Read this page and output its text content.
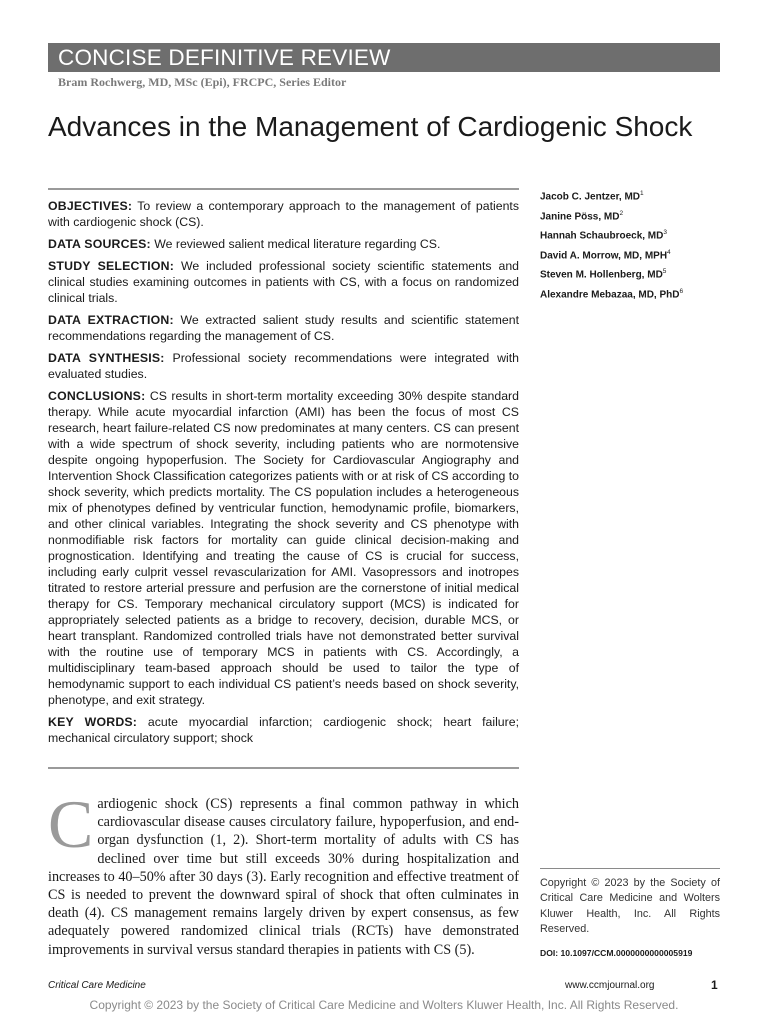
CONCISE DEFINITIVE REVIEW
Bram Rochwerg, MD, MSc (Epi), FRCPC, Series Editor
Advances in the Management of Cardiogenic Shock

OBJECTIVES: To review a contemporary approach to the management of patients with cardiogenic shock (CS).

DATA SOURCES: We reviewed salient medical literature regarding CS.

STUDY SELECTION: We included professional society scientific statements and clinical studies examining outcomes in patients with CS, with a focus on randomized clinical trials.

DATA EXTRACTION: We extracted salient study results and scientific statement recommendations regarding the management of CS.

DATA SYNTHESIS: Professional society recommendations were integrated with evaluated studies.

CONCLUSIONS: CS results in short-term mortality exceeding 30% despite standard therapy. While acute myocardial infarction (AMI) has been the focus of most CS research, heart failure-related CS now predominates at many centers. CS can present with a wide spectrum of shock severity, including patients who are normotensive despite ongoing hypoperfusion. The Society for Cardiovascular Angiography and Intervention Shock Classification categorizes patients with or at risk of CS according to shock severity, which predicts mortality. The CS population includes a heterogeneous mix of phenotypes defined by ventricular function, hemodynamic profile, biomarkers, and other clinical variables. Integrating the shock severity and CS phenotype with nonmodifiable risk factors for mortality can guide clinical decision-making and prognostication. Identifying and treating the cause of CS is crucial for success, including early culprit vessel revascularization for AMI. Vasopressors and inotropes titrated to restore arterial pressure and perfusion are the cornerstone of initial medical therapy for CS. Temporary mechanical circulatory support (MCS) is indicated for appropriately selected patients as a bridge to recovery, decision, durable MCS, or heart transplant. Randomized controlled trials have not demonstrated better survival with the routine use of temporary MCS in patients with CS. Accordingly, a multidisciplinary team-based approach should be used to tailor the type of hemodynamic support to each individual CS patient’s needs based on shock severity, phenotype, and exit strategy.

KEY WORDS: acute myocardial infarction; cardiogenic shock; heart failure; mechanical circulatory support; shock

Jacob C. Jentzer, $MD^1$
Janine Pöss, $MD^2$
Hannah Schaubroeck, $MD^3$
David A. Morrow, MD, MPH$^4$
Steven M. Hollenberg, $MD^5$
Alexandre Mebazaa, MD, PhD$^6$
Cardiogenic shock (CS) represents a final common pathway in which cardiovascular disease causes circulatory failure, hypoperfusion, and end-organ dysfunction (1, 2). Short-term mortality of adults with CS has declined over time but still exceeds 30% during hospitalization and increases to 40–50% after 30 days (3). Early recognition and effective treatment of CS is needed to prevent the downward spiral of shock that often culminates in death (4). CS management remains largely driven by expert consensus, as few adequately powered randomized clinical trials (RCTs) have demonstrated improvements in survival versus standard therapies in patients with CS (5).
Copyright © 2023 by the Society of Critical Care Medicine and Wolters Kluwer Health, Inc. All Rights Reserved.
DOI: 10.1097/CCM.0000000000005919
Critical Care Medicine	www.ccmjournal.org	1
Copyright © 2023 by the Society of Critical Care Medicine and Wolters Kluwer Health, Inc. All Rights Reserved.
